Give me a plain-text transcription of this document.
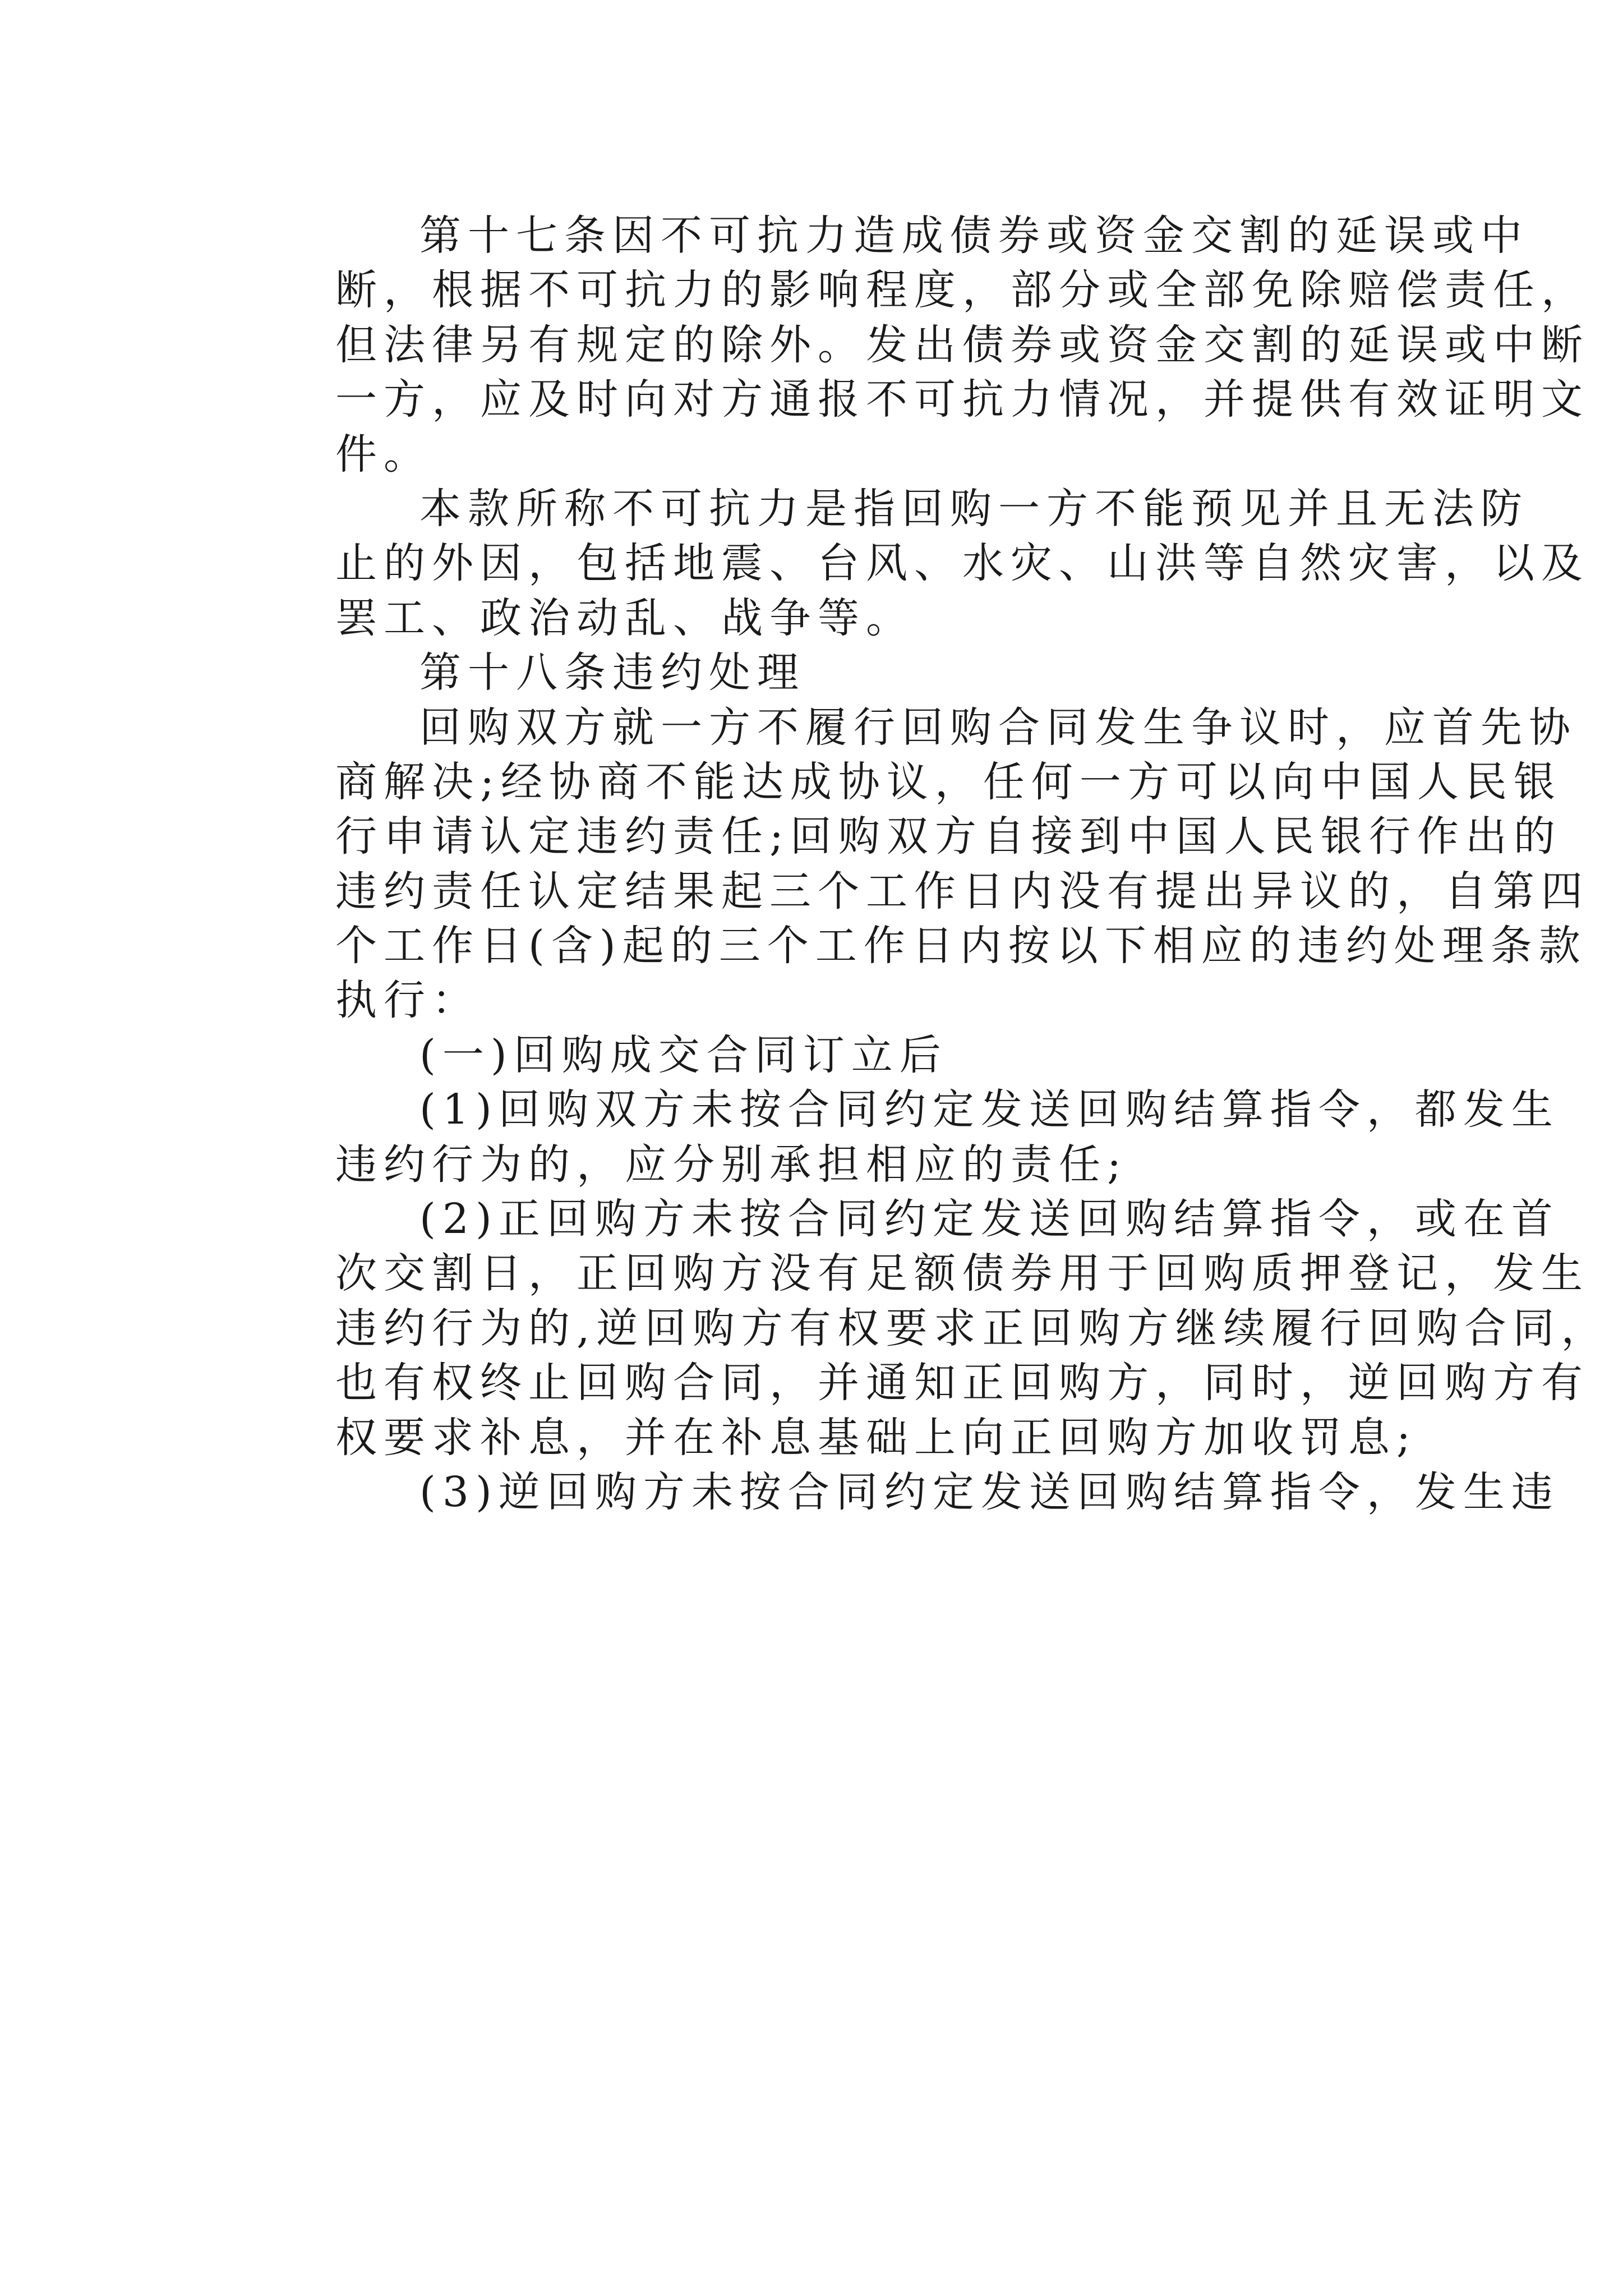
第十七条因不可抗力造成债券或资金交割的延误或中
断，根据不可抗力的影响程度，部分或全部免除赔偿责任，
但法律另有规定的除外。发出债券或资金交割的延误或中断
一方，应及时向对方通报不可抗力情况，并提供有效证明文
件。
本款所称不可抗力是指回购一方不能预见并且无法防
止的外因，包括地震、台风、水灾、山洪等自然灾害，以及
罢工、政治动乱、战争等。
第十八条违约处理
回购双方就一方不履行回购合同发生争议时，应首先协
商解决;经协商不能达成协议，任何一方可以向中国人民银
行申请认定违约责任;回购双方自接到中国人民银行作出的
违约责任认定结果起三个工作日内没有提出异议的，自第四
个工作日(含)起的三个工作日内按以下相应的违约处理条款
执行：
(一)回购成交合同订立后
(1)回购双方未按合同约定发送回购结算指令，都发生
违约行为的，应分别承担相应的责任;
(2)正回购方未按合同约定发送回购结算指令，或在首
次交割日，正回购方没有足额债券用于回购质押登记，发生
违约行为的,逆回购方有权要求正回购方继续履行回购合同，
也有权终止回购合同，并通知正回购方，同时，逆回购方有
权要求补息，并在补息基础上向正回购方加收罚息;
(3)逆回购方未按合同约定发送回购结算指令，发生违
